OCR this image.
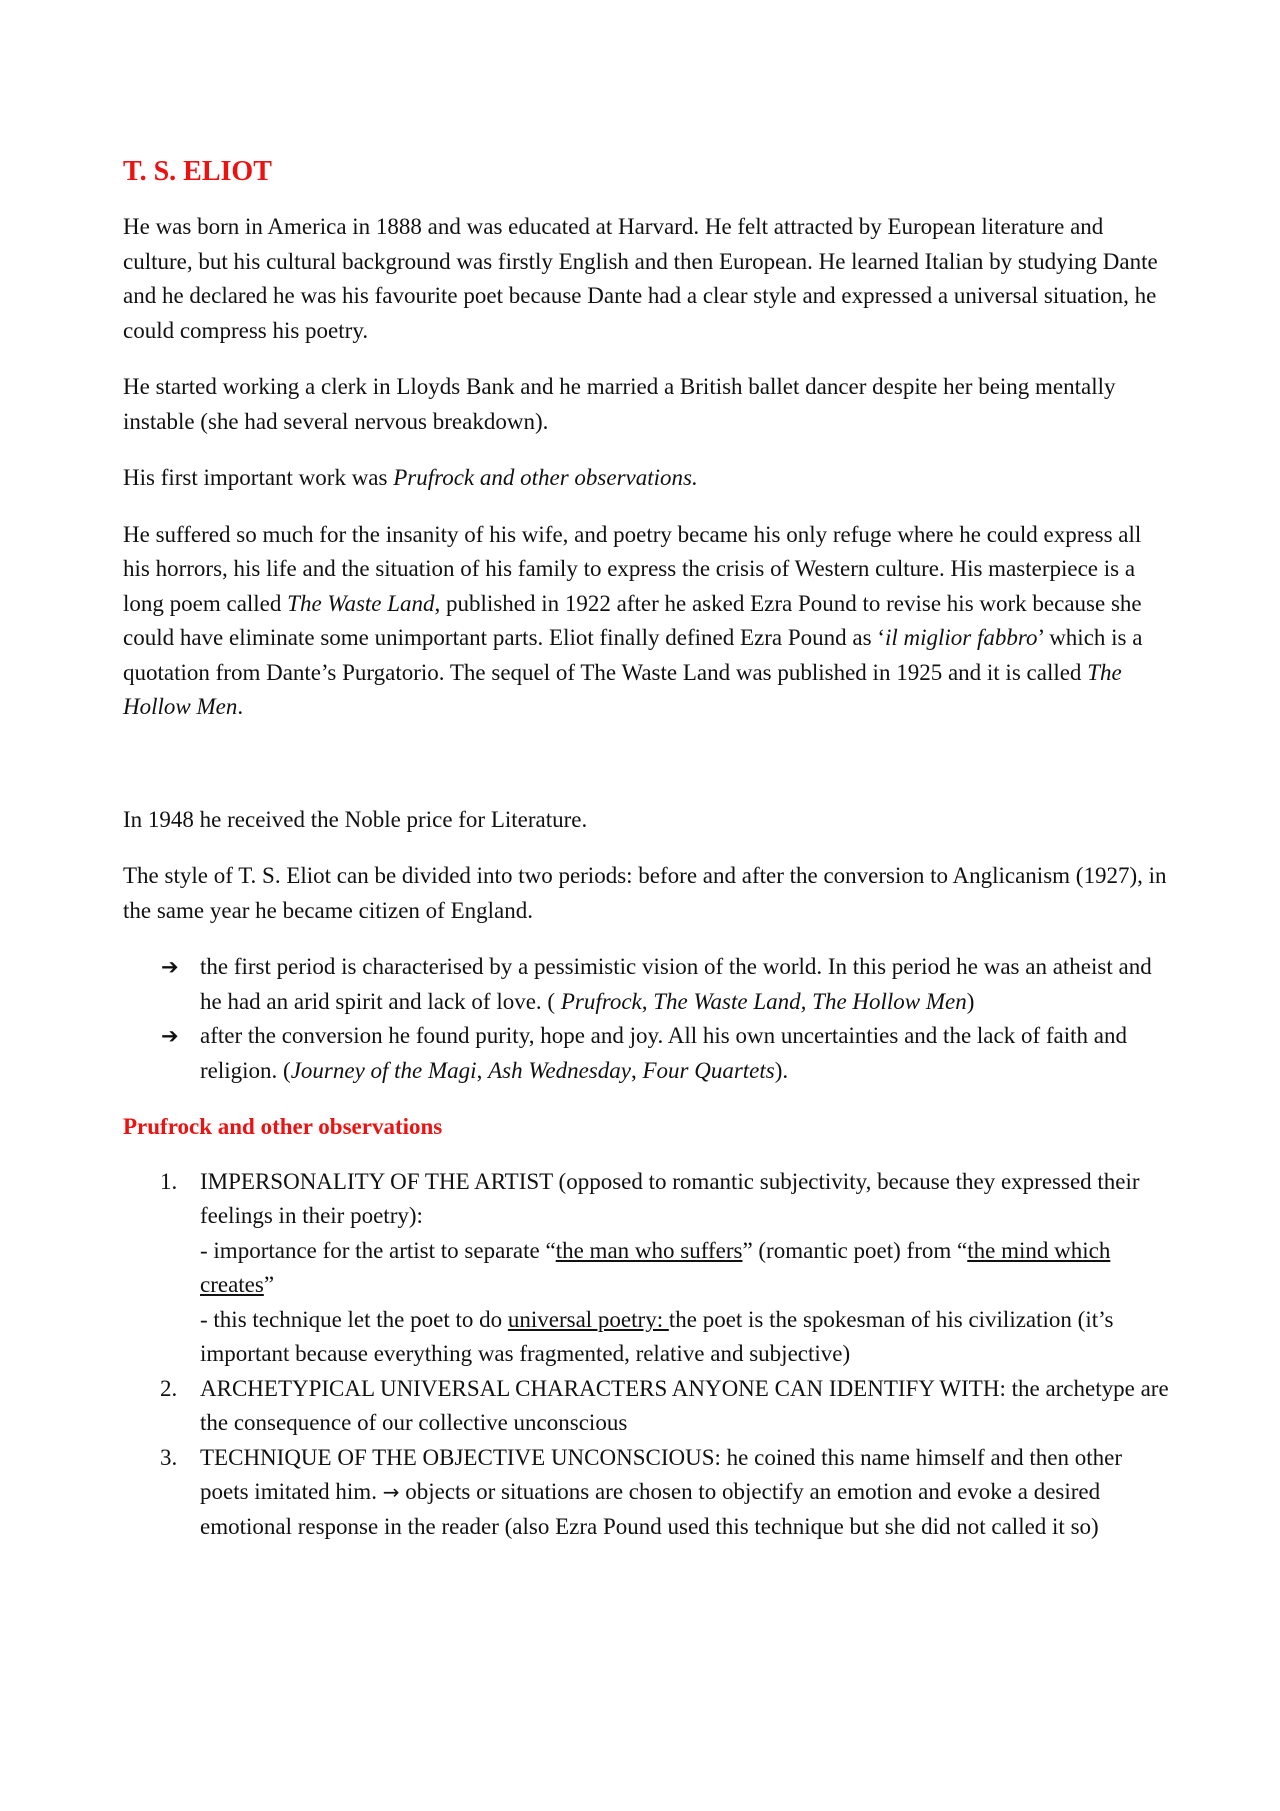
T. S. ELIOT

He was born in America in 1888 and was educated at Harvard. He felt attracted by European literature and culture, but his cultural background was firstly English and then European. He learned Italian by studying Dante and he declared he was his favourite poet because Dante had a clear style and expressed a universal situation, he could compress his poetry.

He started working a clerk in Lloyds Bank and he married a British ballet dancer despite her being mentally instable (she had several nervous breakdown).

His first important work was Prufrock and other observations.

He suffered so much for the insanity of his wife, and poetry became his only refuge where he could express all his horrors, his life and the situation of his family to express the crisis of Western culture. His masterpiece is a long poem called The Waste Land, published in 1922 after he asked Ezra Pound to revise his work because she could have eliminate some unimportant parts. Eliot finally defined Ezra Pound as ‘il miglior fabbro’ which is a quotation from Dante’s Purgatorio. The sequel of The Waste Land was published in 1925 and it is called The Hollow Men.

In 1948 he received the Noble price for Literature.

The style of T. S. Eliot can be divided into two periods: before and after the conversion to Anglicanism (1927), in the same year he became citizen of England.

➔ the first period is characterised by a pessimistic vision of the world. In this period he was an atheist and he had an arid spirit and lack of love. ( Prufrock, The Waste Land, The Hollow Men)
➔ after the conversion he found purity, hope and joy. All his own uncertainties and the lack of faith and religion. (Journey of the Magi, Ash Wednesday, Four Quartets).
Prufrock and other observations
1. IMPERSONALITY OF THE ARTIST (opposed to romantic subjectivity, because they expressed their feelings in their poetry):
- importance for the artist to separate “the man who suffers” (romantic poet) from “the mind which creates”
- this technique let the poet to do universal poetry: the poet is the spokesman of his civilization (it’s important because everything was fragmented, relative and subjective)
2. ARCHETYPICAL UNIVERSAL CHARACTERS ANYONE CAN IDENTIFY WITH: the archetype are the consequence of our collective unconscious
3. TECHNIQUE OF THE OBJECTIVE UNCONSCIOUS: he coined this name himself and then other poets imitated him. → objects or situations are chosen to objectify an emotion and evoke a desired emotional response in the reader (also Ezra Pound used this technique but she did not called it so)
